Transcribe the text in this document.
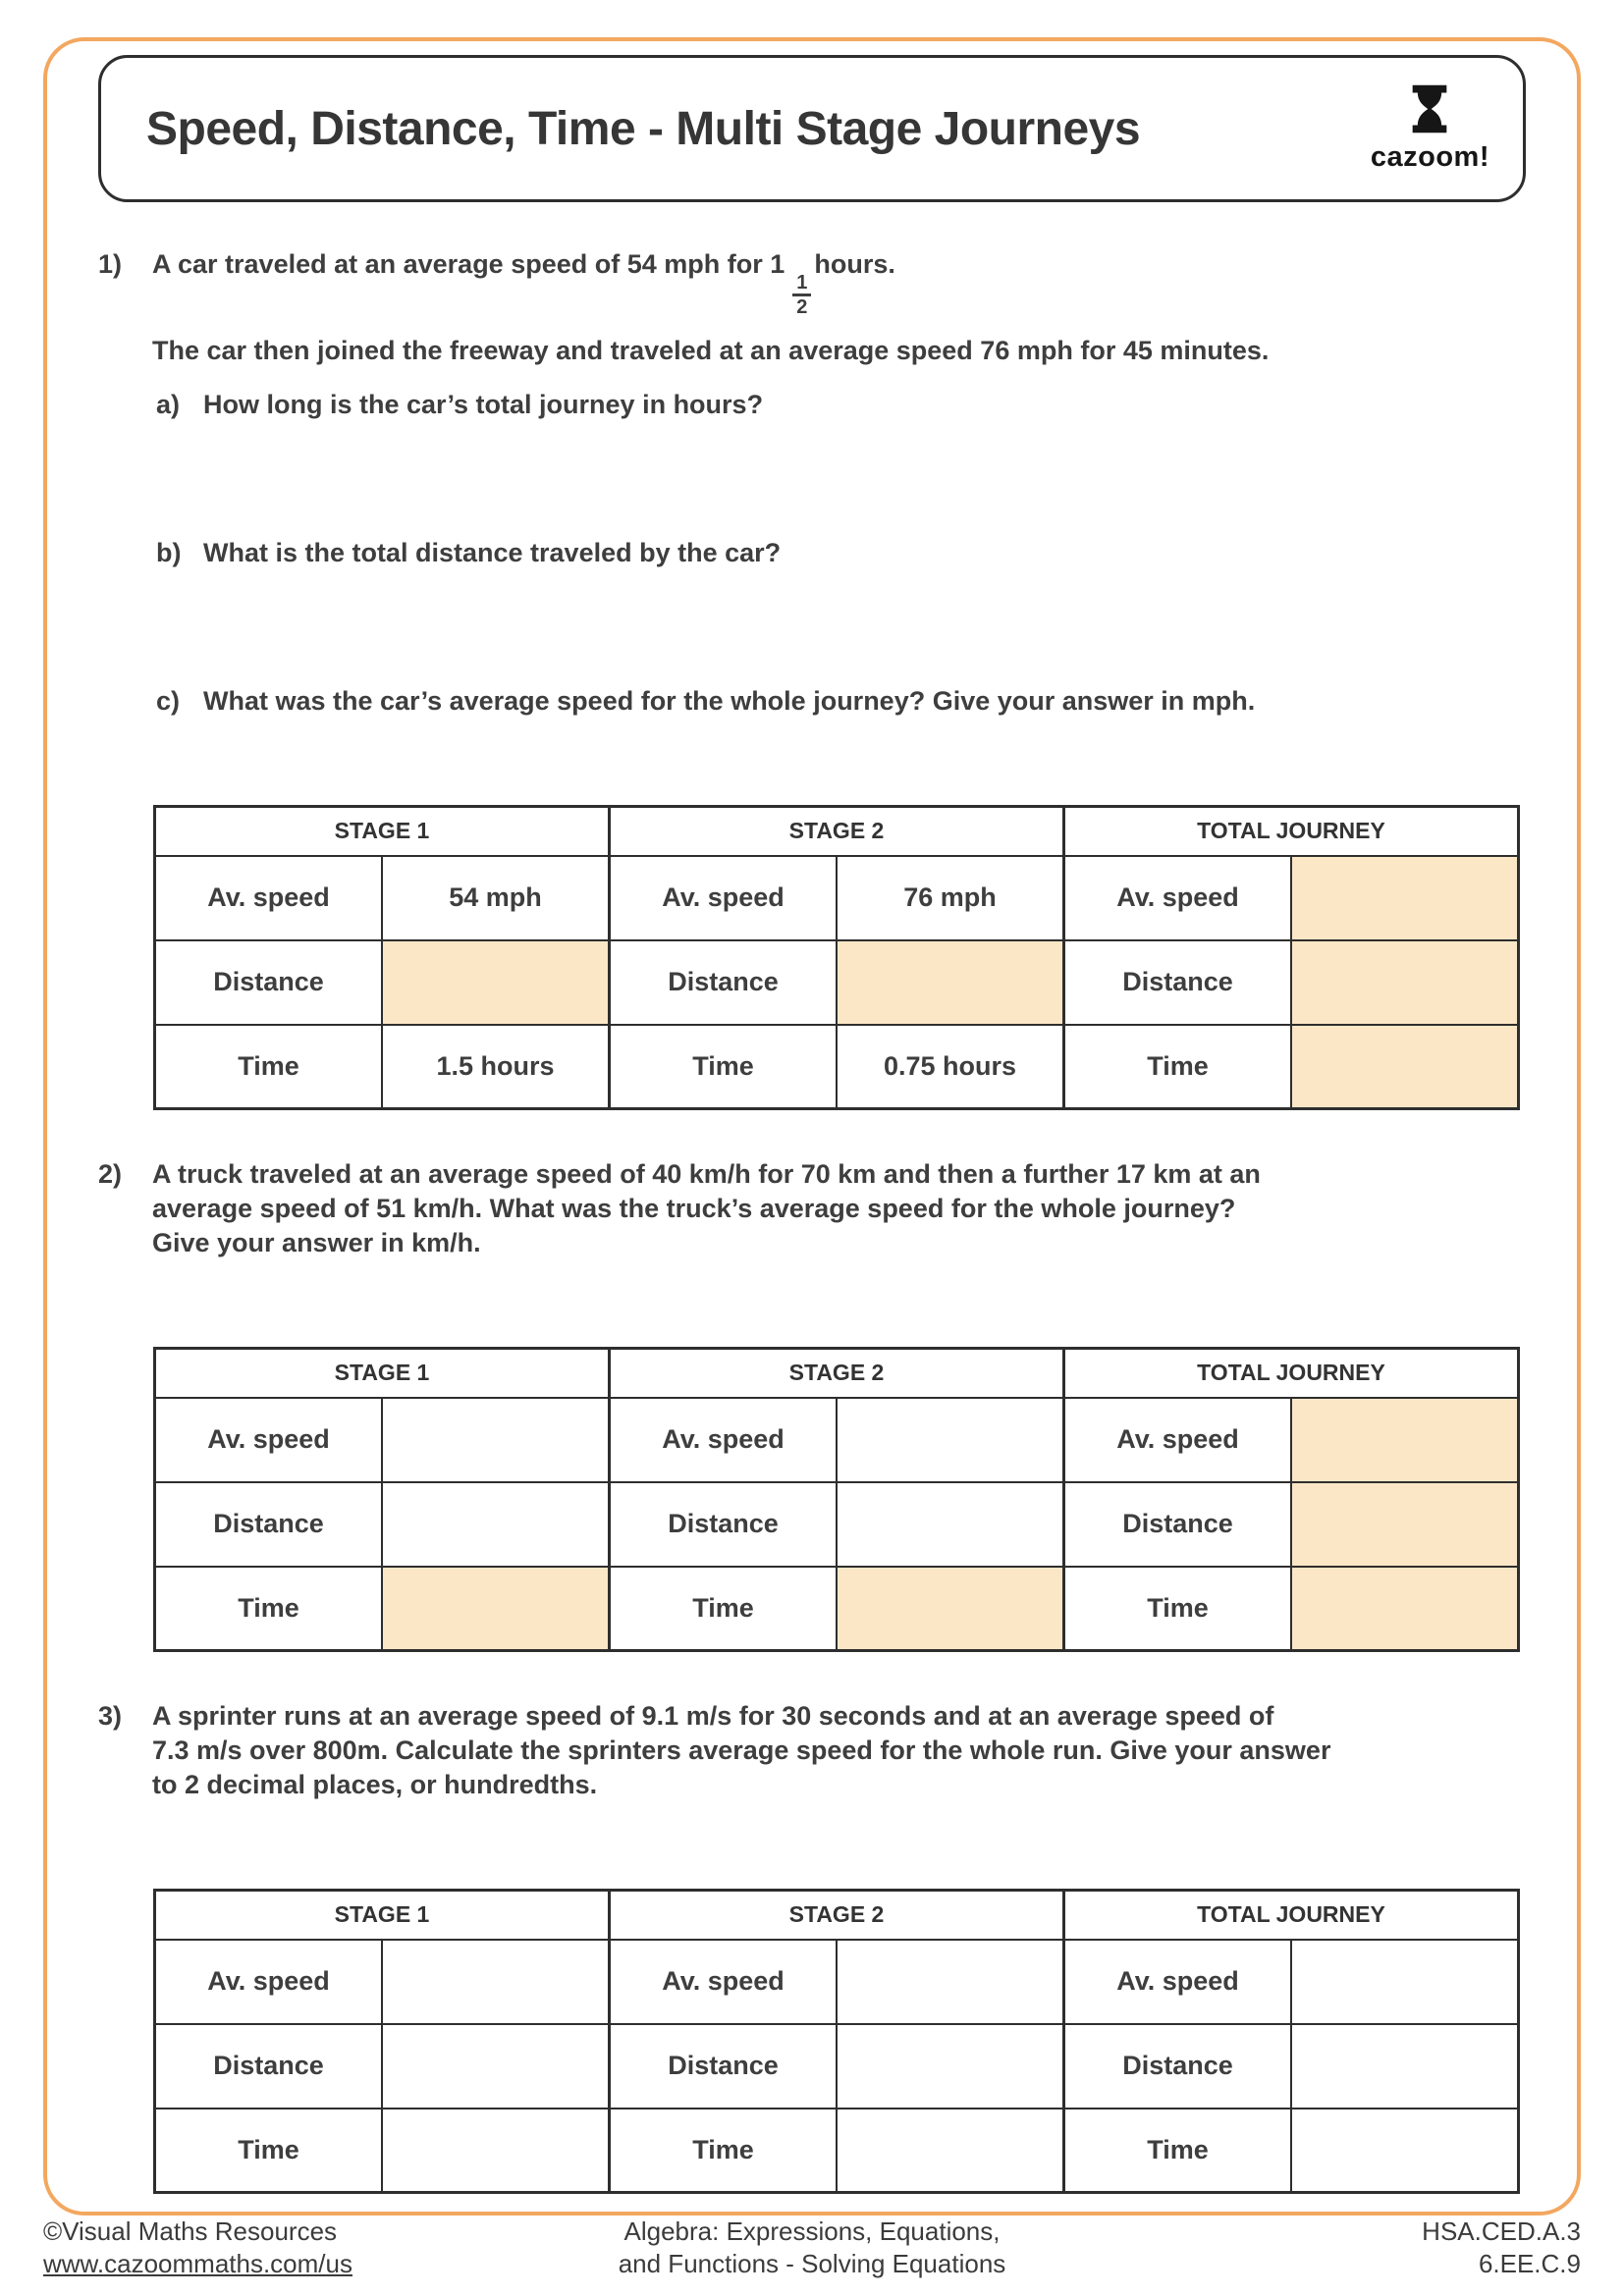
Speed, Distance, Time - Multi Stage Journeys
cazoom!
1)	A car traveled at an average speed of 54 mph for 1
$\frac{1}{2}$
hours.
The car then joined the freeway and traveled at an average speed 76 mph for 45 minutes.
a) How long is the car’s total journey in hours?
b) What is the total distance traveled by the car?
c) What was the car’s average speed for the whole journey? Give your answer in mph.
STAGE 1		STAGE 2		TOTAL JOURNEY	
Av. speed	54 mph	Av. speed	76 mph	Av. speed	
Distance		Distance		Distance	
Time	1.5 hours	Time	0.75 hours	Time	
2)	A truck traveled at an average speed of 40 km/h for 70 km and then a further 17 km at an
average speed of 51 km/h. What was the truck’s average speed for the whole journey?
Give your answer in km/h.
STAGE 1		STAGE 2		TOTAL JOURNEY	
Av. speed		Av. speed		Av. speed	
Distance		Distance		Distance	
Time		Time		Time	
3)	A sprinter runs at an average speed of 9.1 m/s for 30 seconds and at an average speed of
7.3 m/s over 800m. Calculate the sprinters average speed for the whole run. Give your answer
to 2 decimal places, or hundredths.
STAGE 1		STAGE 2		TOTAL JOURNEY	
Av. speed		Av. speed		Av. speed	
Distance		Distance		Distance	
Time		Time		Time	
©Visual Maths Resources
www.cazoommaths.com/us
Algebra: Expressions, Equations,
and Functions - Solving Equations
HSA.CED.A.3
6.EE.C.9
